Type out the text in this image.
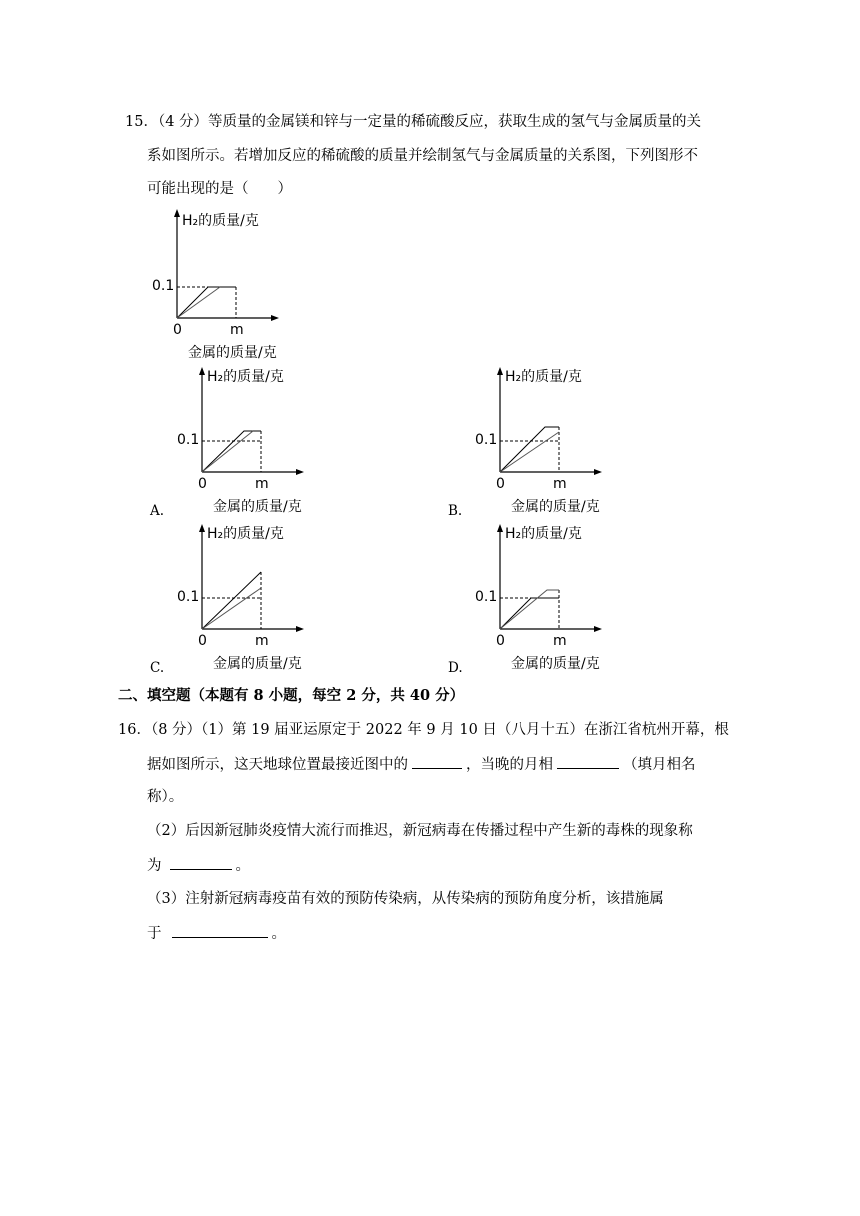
15．（4 分）等质量的金属镁和锌与一定量的稀硫酸反应，获取生成的氢气与金属质量的关
系如图所示。若增加反应的稀硫酸的质量并绘制氢气与金属质量的关系图，下列图形不
可能出现的是（　　）
H₂的质量/克
0.1
0	m
金属的质量/克
H₂的质量/克
0.1
0	m
金属的质量/克
A.
H₂的质量/克
0.1
0	m
金属的质量/克
B.
H₂的质量/克
0.1
0	m
金属的质量/克
C.
H₂的质量/克
0.1
0	m
金属的质量/克
D.
二、填空题（本题有 8 小题，每空 2 分，共 40 分）
16．（8 分）（1）第 19 届亚运原定于 2022 年 9 月 10 日（八月十五）在浙江省杭州开幕，根
据如图所示，这天地球位置最接近图中的	，当晚的月相	（填月相名
称）。
（2）后因新冠肺炎疫情大流行而推迟，新冠病毒在传播过程中产生新的毒株的现象称
为	。
（3）注射新冠病毒疫苗有效的预防传染病，从传染病的预防角度分析，该措施属
于	。
